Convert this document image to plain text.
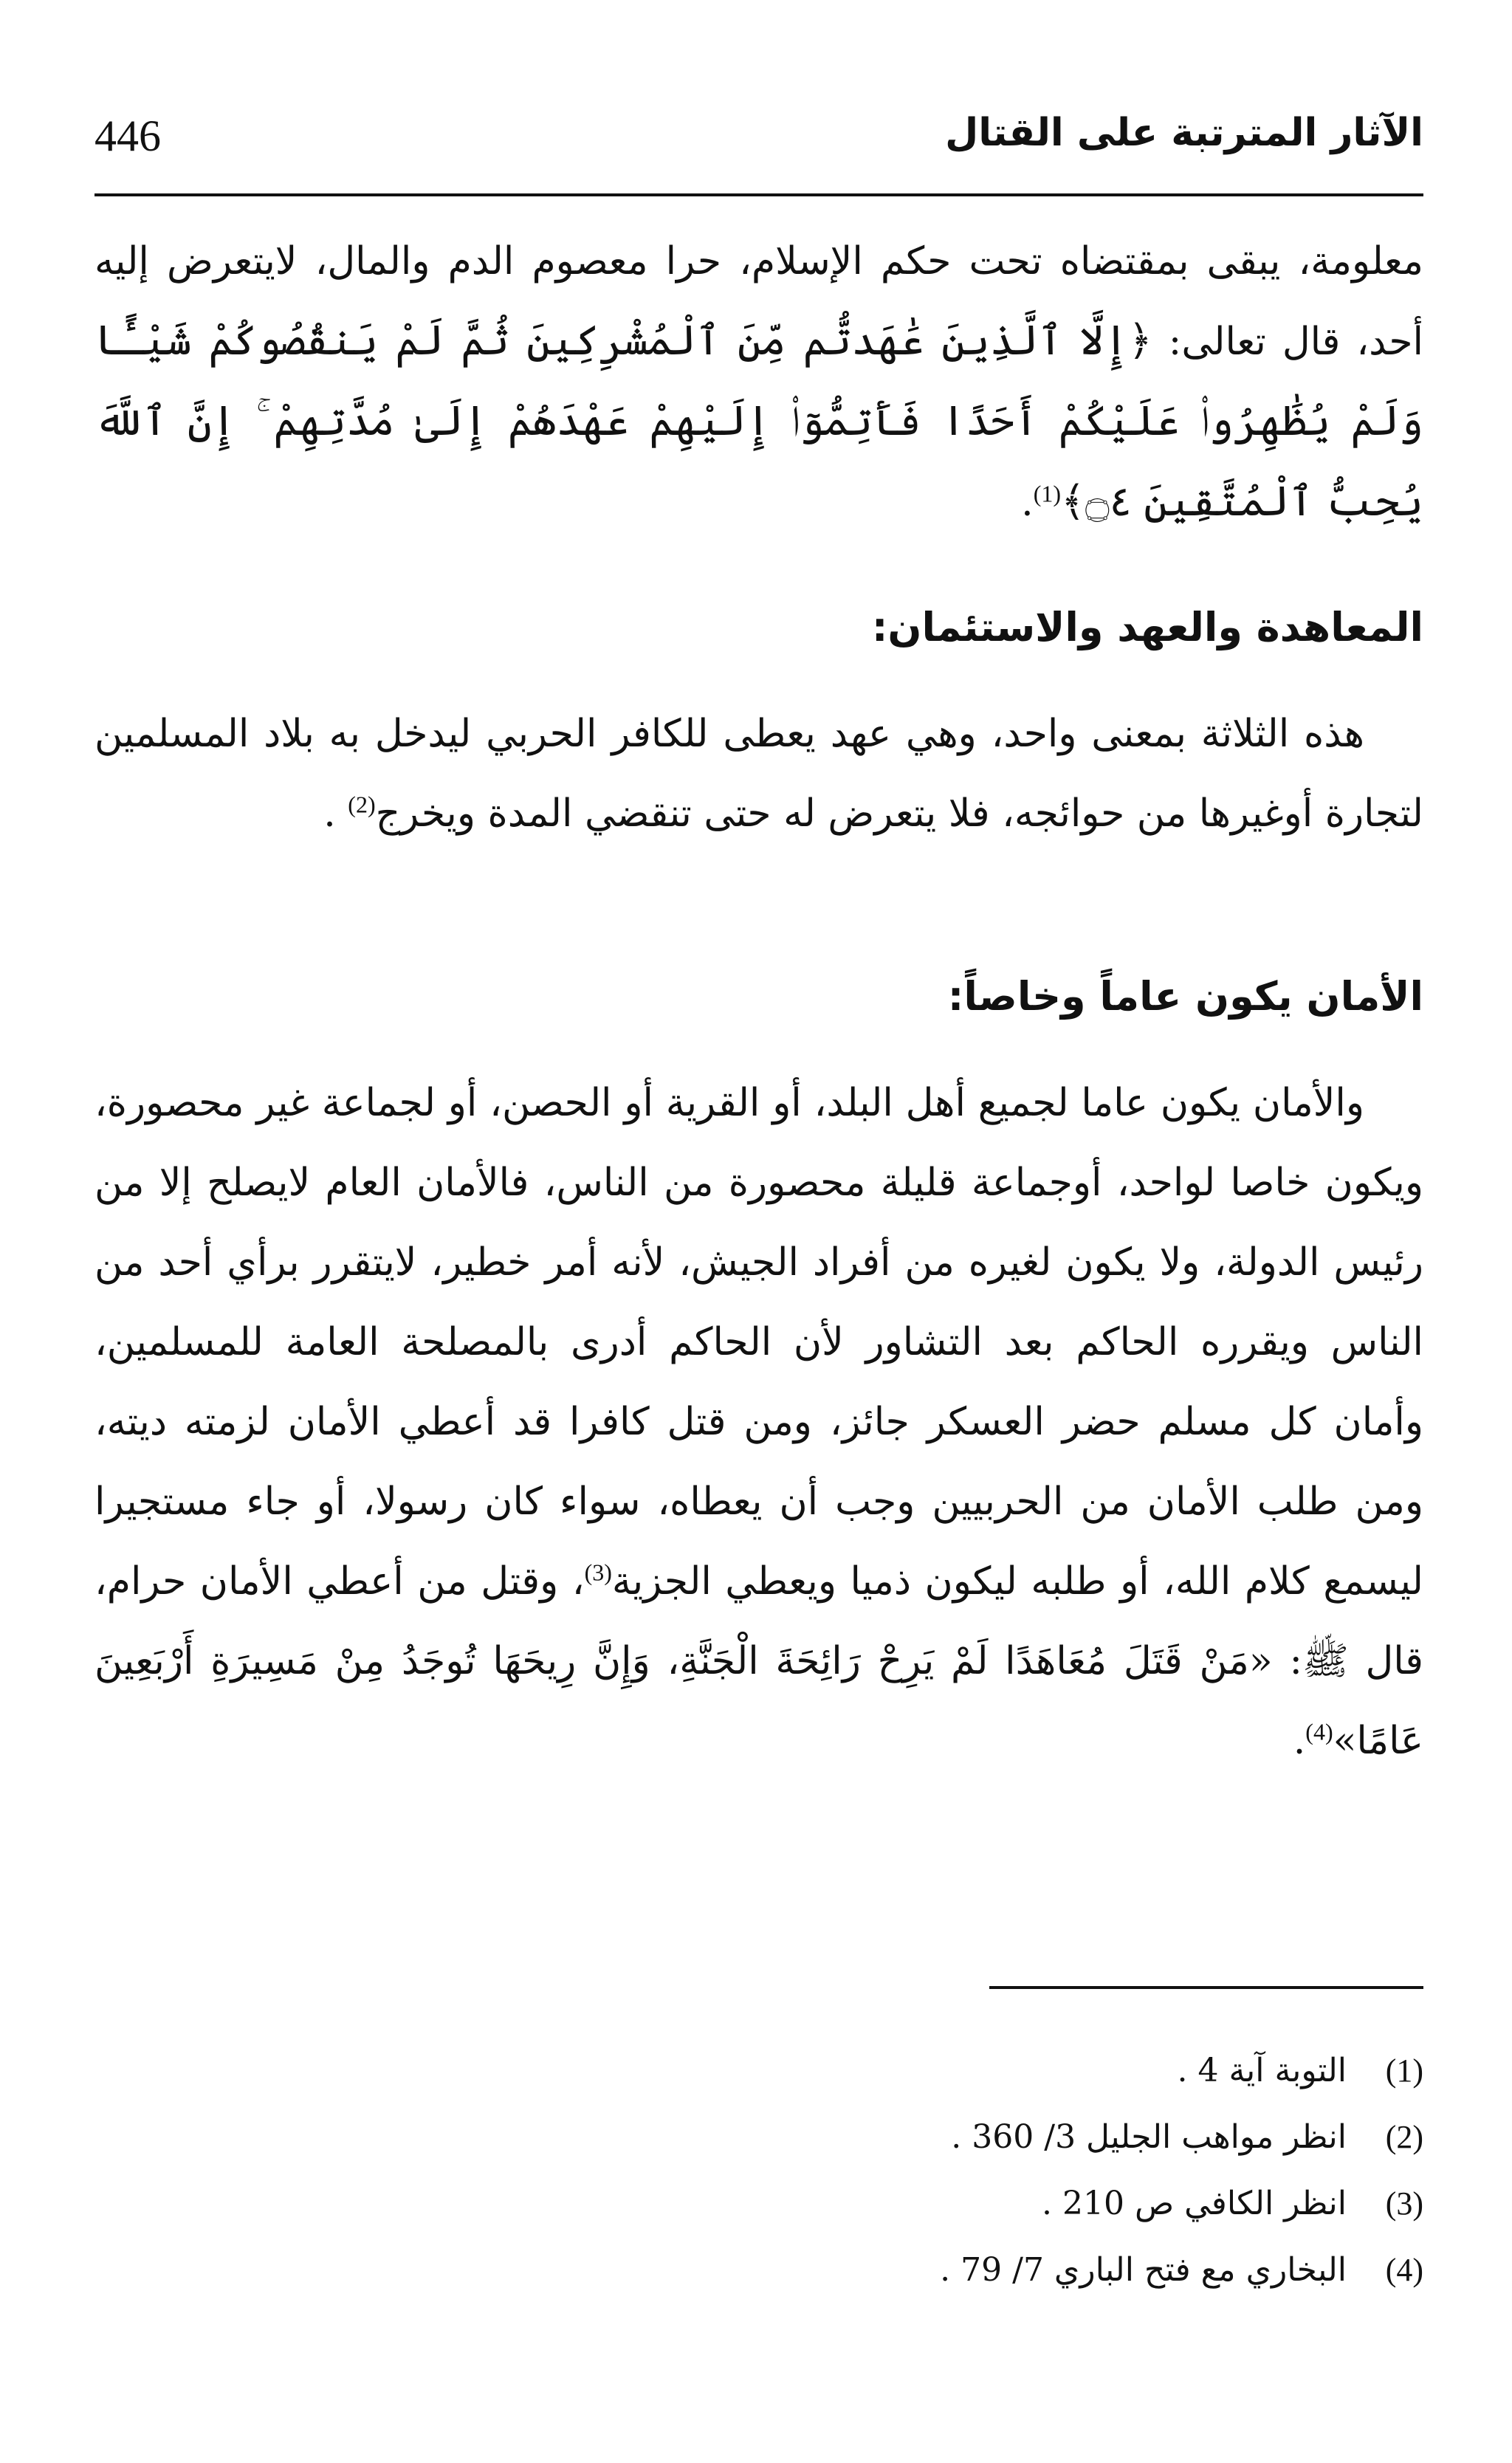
446	الآثار المترتبة على القتال
معلومة، يبقى بمقتضاه تحت حكم الإسلام، حرا معصوم الدم والمال، لايتعرض إليه أحد، قال تعالى: ﴿إِلَّا ٱلَّذِينَ عَٰهَدتُّم مِّنَ ٱلْمُشْرِكِينَ ثُمَّ لَمْ يَنقُصُوكُمْ شَيْـًٔا وَلَمْ يُظَٰهِرُوا۟ عَلَيْكُمْ أَحَدًا فَأَتِمُّوٓا۟ إِلَيْهِمْ عَهْدَهُمْ إِلَىٰ مُدَّتِهِمْ ۚ إِنَّ ٱللَّهَ يُحِبُّ ٱلْمُتَّقِينَ ۝٤﴾$^{(1)}$.
المعاهدة والعهد والاستئمان:
هذه الثلاثة بمعنى واحد، وهي عهد يعطى للكافر الحربي ليدخل به بلاد المسلمين لتجارة أوغيرها من حوائجه، فلا يتعرض له حتى تنقضي المدة ويخرج$^{(2)}$ .
الأمان يكون عاماً وخاصاً:
والأمان يكون عاما لجميع أهل البلد، أو القرية أو الحصن، أو لجماعة غير محصورة، ويكون خاصا لواحد، أوجماعة قليلة محصورة من الناس، فالأمان العام لايصلح إلا من رئيس الدولة، ولا يكون لغيره من أفراد الجيش، لأنه أمر خطير، لايتقرر برأي أحد من الناس ويقرره الحاكم بعد التشاور لأن الحاكم أدرى بالمصلحة العامة للمسلمين، وأمان كل مسلم حضر العسكر جائز، ومن قتل كافرا قد أعطي الأمان لزمته ديته، ومن طلب الأمان من الحربيين وجب أن يعطاه، سواء كان رسولا، أو جاء مستجيرا ليسمع كلام الله، أو طلبه ليكون ذميا ويعطي الجزية$^{(3)}$، وقتل من أعطي الأمان حرام، قال ﷺ: «مَنْ قَتَلَ مُعَاهَدًا لَمْ يَرِحْ رَائِحَةَ الْجَنَّةِ، وَإِنَّ رِيحَهَا تُوجَدُ مِنْ مَسِيرَةِ أَرْبَعِينَ عَامًا»$^{(4)}$.
(1) التوبة آية 4 .
(2) انظر مواهب الجليل 3/ 360 .
(3) انظر الكافي ص 210 .
(4) البخاري مع فتح الباري 7/ 79 .
